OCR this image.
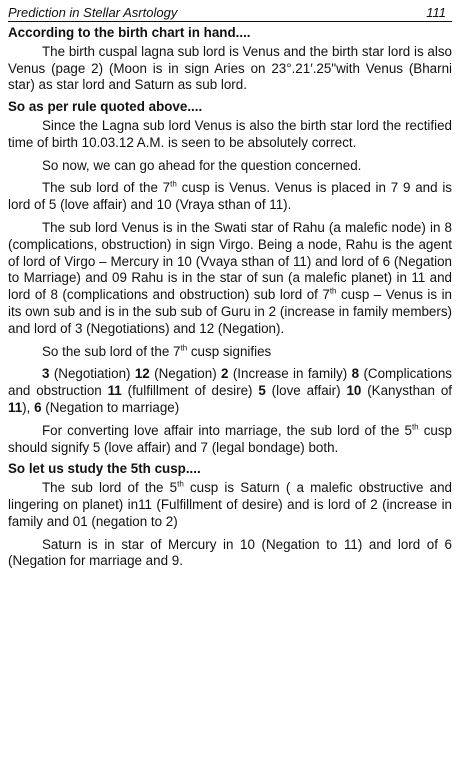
Prediction in Stellar Asrtology	111
According to the birth chart in hand....
The birth cuspal lagna sub lord is Venus and the birth star lord is also Venus (page 2) (Moon is in sign Aries on 23°.21′.25"with Venus (Bharni star) as star lord and Saturn as sub lord.
So as per rule quoted above....
Since the Lagna sub lord Venus is also the birth star lord the rectified time of birth 10.03.12 A.M. is seen to be absolutely correct.
So now, we can go ahead for the question concerned.
The sub lord of the 7th cusp is Venus. Venus is placed in 7 9 and is lord of 5 (love affair) and 10 (Vraya sthan of 11).
The sub lord Venus is in the Swati star of Rahu (a malefic node) in 8 (complications, obstruction) in sign Virgo. Being a node, Rahu is the agent of lord of Virgo – Mercury in 10 (Vvaya sthan of 11) and lord of 6 (Negation to Marriage) and 09 Rahu is in the star of sun (a malefic planet) in 11 and lord of 8 (complications and obstruction) sub lord of 7th cusp – Venus is in its own sub and is in the sub sub of Guru in 2 (increase in family members) and lord of 3 (Negotiations) and 12 (Negation).
So the sub lord of the 7th cusp signifies
3 (Negotiation) 12 (Negation) 2 (Increase in family) 8 (Complications and obstruction 11 (fulfillment of desire) 5 (love affair) 10 (Kanysthan of 11), 6 (Negation to marriage)
For converting love affair into marriage, the sub lord of the 5th cusp should signify 5 (love affair) and 7 (legal bondage) both.
So let us study the 5th cusp....
The sub lord of the 5th cusp is Saturn ( a malefic obstructive and lingering on planet) in11 (Fulfillment of desire) and is lord of 2 (increase in family and 01 (negation to 2)
Saturn is in star of Mercury in 10 (Negation to 11) and lord of 6 (Negation for marriage and 9.
